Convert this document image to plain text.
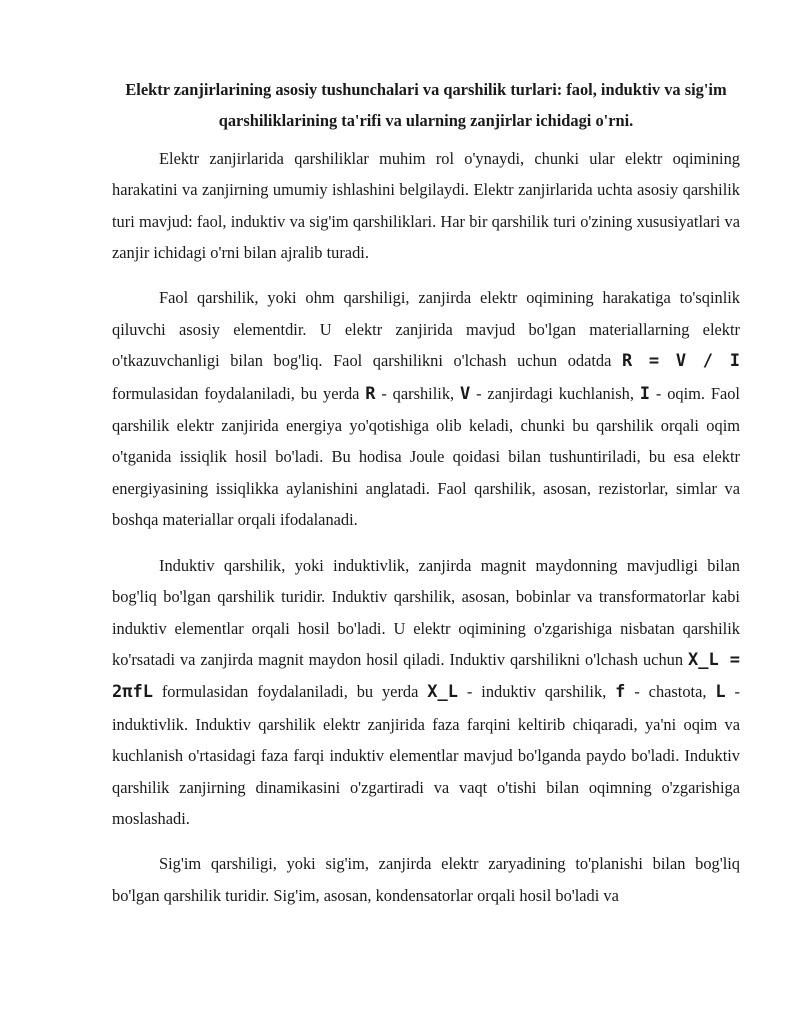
Elektr zanjirlarining asosiy tushunchalari va qarshilik turlari: faol, induktiv va sig'im qarshiliklarining ta'rifi va ularning zanjirlar ichidagi o'rni.
Elektr zanjirlarida qarshiliklar muhim rol o'ynaydi, chunki ular elektr oqimining harakatini va zanjirning umumiy ishlashini belgilaydi. Elektr zanjirlarida uchta asosiy qarshilik turi mavjud: faol, induktiv va sig'im qarshiliklari. Har bir qarshilik turi o'zining xususiyatlari va zanjir ichidagi o'rni bilan ajralib turadi.
Faol qarshilik, yoki ohm qarshiligi, zanjirda elektr oqimining harakatiga to'sqinlik qiluvchi asosiy elementdir. U elektr zanjirida mavjud bo'lgan materiallarning elektr o'tkazuvchanligi bilan bog'liq. Faol qarshilikni o'lchash uchun odatda R = V / I formulasidan foydalaniladi, bu yerda R - qarshilik, V - zanjirdagi kuchlanish, I - oqim. Faol qarshilik elektr zanjirida energiya yo'qotishiga olib keladi, chunki bu qarshilik orqali oqim o'tganida issiqlik hosil bo'ladi. Bu hodisa Joule qoidasi bilan tushuntiriladi, bu esa elektr energiyasining issiqlikka aylanishini anglatadi. Faol qarshilik, asosan, rezistorlar, simlar va boshqa materiallar orqali ifodalanadi.
Induktiv qarshilik, yoki induktivlik, zanjirda magnit maydonning mavjudligi bilan bog'liq bo'lgan qarshilik turidir. Induktiv qarshilik, asosan, bobinlar va transformatorlar kabi induktiv elementlar orqali hosil bo'ladi. U elektr oqimining o'zgarishiga nisbatan qarshilik ko'rsatadi va zanjirda magnit maydon hosil qiladi. Induktiv qarshilikni o'lchash uchun X_L = 2πfL formulasidan foydalaniladi, bu yerda X_L - induktiv qarshilik, f - chastota, L - induktivlik. Induktiv qarshilik elektr zanjirida faza farqini keltirib chiqaradi, ya'ni oqim va kuchlanish o'rtasidagi faza farqi induktiv elementlar mavjud bo'lganda paydo bo'ladi. Induktiv qarshilik zanjirning dinamikasini o'zgartiradi va vaqt o'tishi bilan oqimning o'zgarishiga moslashadi.
Sig'im qarshiligi, yoki sig'im, zanjirda elektr zaryadining to'planishi bilan bog'liq bo'lgan qarshilik turidir. Sig'im, asosan, kondensatorlar orqali hosil bo'ladi va
